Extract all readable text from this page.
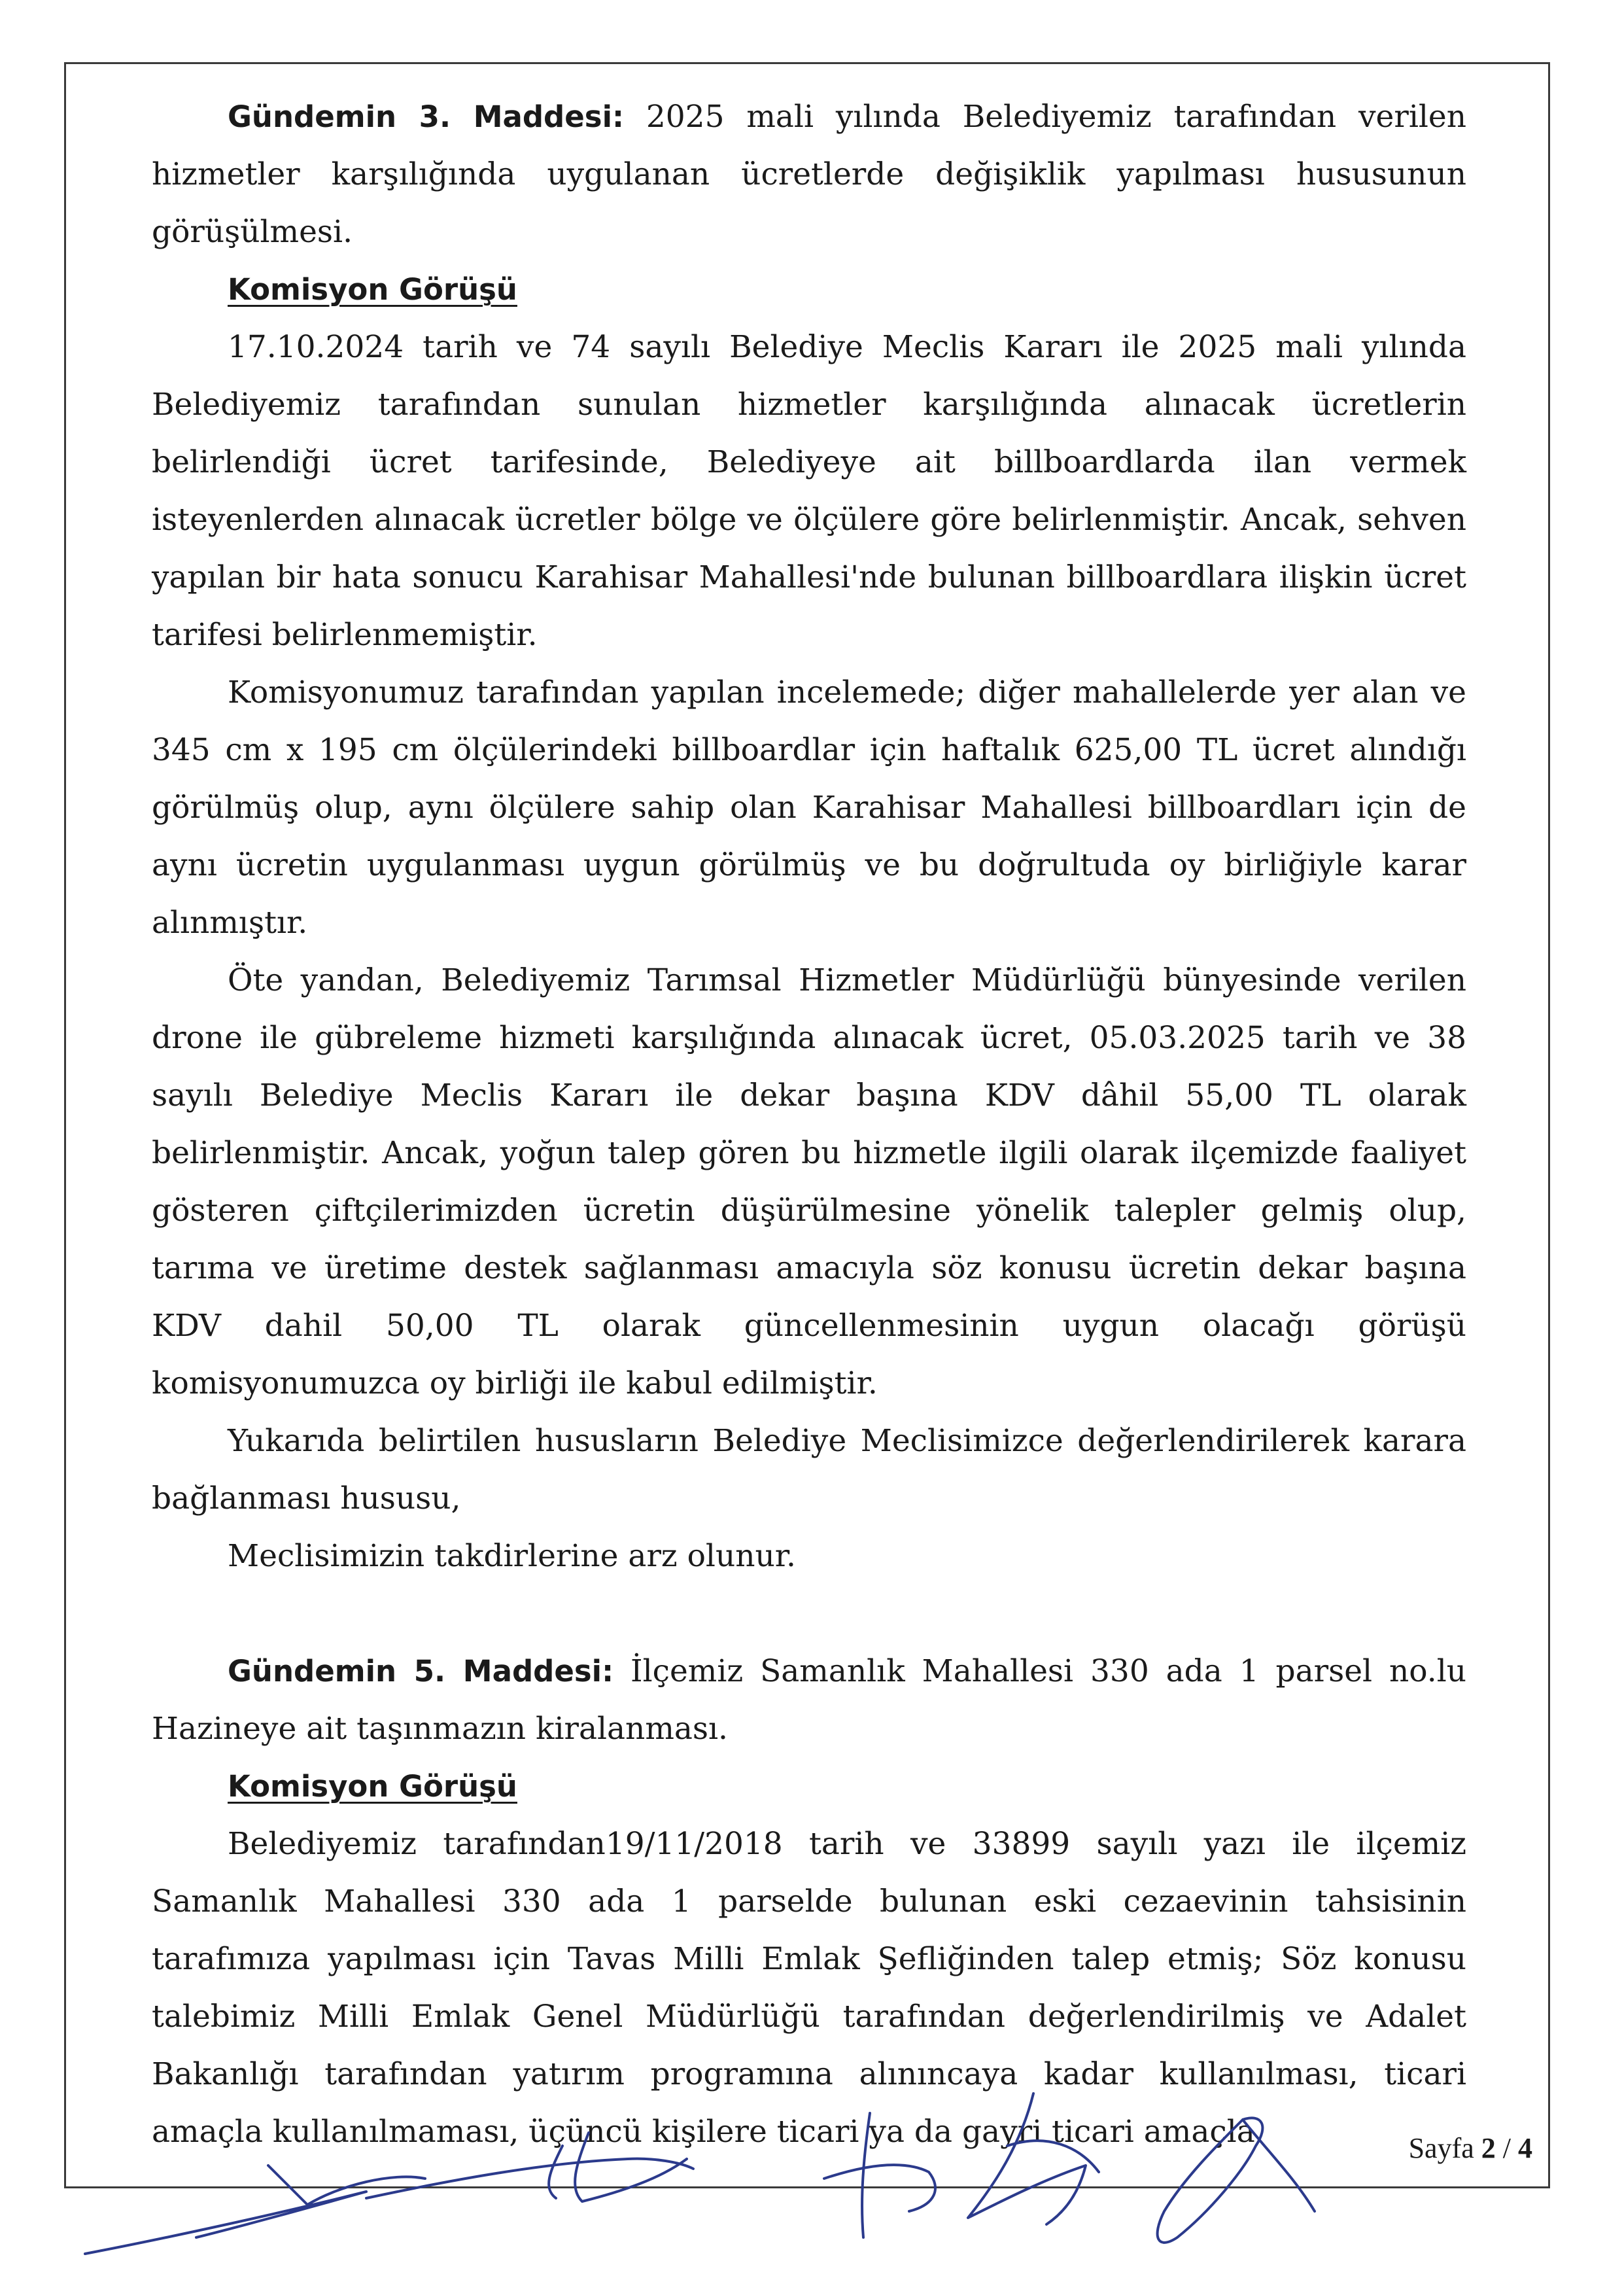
Gündemin 3. Maddesi: 2025 mali yılında Belediyemiz tarafından verilen hizmetler karşılığında uygulanan ücretlerde değişiklik yapılması hususunun görüşülmesi.

Komisyon Görüşü

17.10.2024 tarih ve 74 sayılı Belediye Meclis Kararı ile 2025 mali yılında Belediyemiz tarafından sunulan hizmetler karşılığında alınacak ücretlerin belirlendiği ücret tarifesinde, Belediyeye ait billboardlarda ilan vermek isteyenlerden alınacak ücretler bölge ve ölçülere göre belirlenmiştir. Ancak, sehven yapılan bir hata sonucu Karahisar Mahallesi'nde bulunan billboardlara ilişkin ücret tarifesi belirlenmemiştir.

Komisyonumuz tarafından yapılan incelemede; diğer mahallelerde yer alan ve 345 cm x 195 cm ölçülerindeki billboardlar için haftalık 625,00 TL ücret alındığı görülmüş olup, aynı ölçülere sahip olan Karahisar Mahallesi billboardları için de aynı ücretin uygulanması uygun görülmüş ve bu doğrultuda oy birliğiyle karar alınmıştır.

Öte yandan, Belediyemiz Tarımsal Hizmetler Müdürlüğü bünyesinde verilen drone ile gübreleme hizmeti karşılığında alınacak ücret, 05.03.2025 tarih ve 38 sayılı Belediye Meclis Kararı ile dekar başına KDV dâhil 55,00 TL olarak belirlenmiştir. Ancak, yoğun talep gören bu hizmetle ilgili olarak ilçemizde faaliyet gösteren çiftçilerimizden ücretin düşürülmesine yönelik talepler gelmiş olup, tarıma ve üretime destek sağlanması amacıyla söz konusu ücretin dekar başına KDV dahil 50,00 TL olarak güncellenmesinin uygun olacağı görüşü komisyonumuzca oy birliği ile kabul edilmiştir.

Yukarıda belirtilen hususların Belediye Meclisimizce değerlendirilerek karara bağlanması hususu,

Meclisimizin takdirlerine arz olunur.

Gündemin 5. Maddesi: İlçemiz Samanlık Mahallesi 330 ada 1 parsel no.lu Hazineye ait taşınmazın kiralanması.

Komisyon Görüşü

Belediyemiz tarafından19/11/2018 tarih ve 33899 sayılı yazı ile ilçemiz Samanlık Mahallesi 330 ada 1 parselde bulunan eski cezaevinin tahsisinin tarafımıza yapılması için Tavas Milli Emlak Şefliğinden talep etmiş; Söz konusu talebimiz Milli Emlak Genel Müdürlüğü tarafından değerlendirilmiş ve Adalet Bakanlığı tarafından yatırım programına alınıncaya kadar kullanılması, ticari amaçla kullanılmaması, üçüncü kişilere ticari ya da gayri ticari amaçla	Sayfa 2 / 4
